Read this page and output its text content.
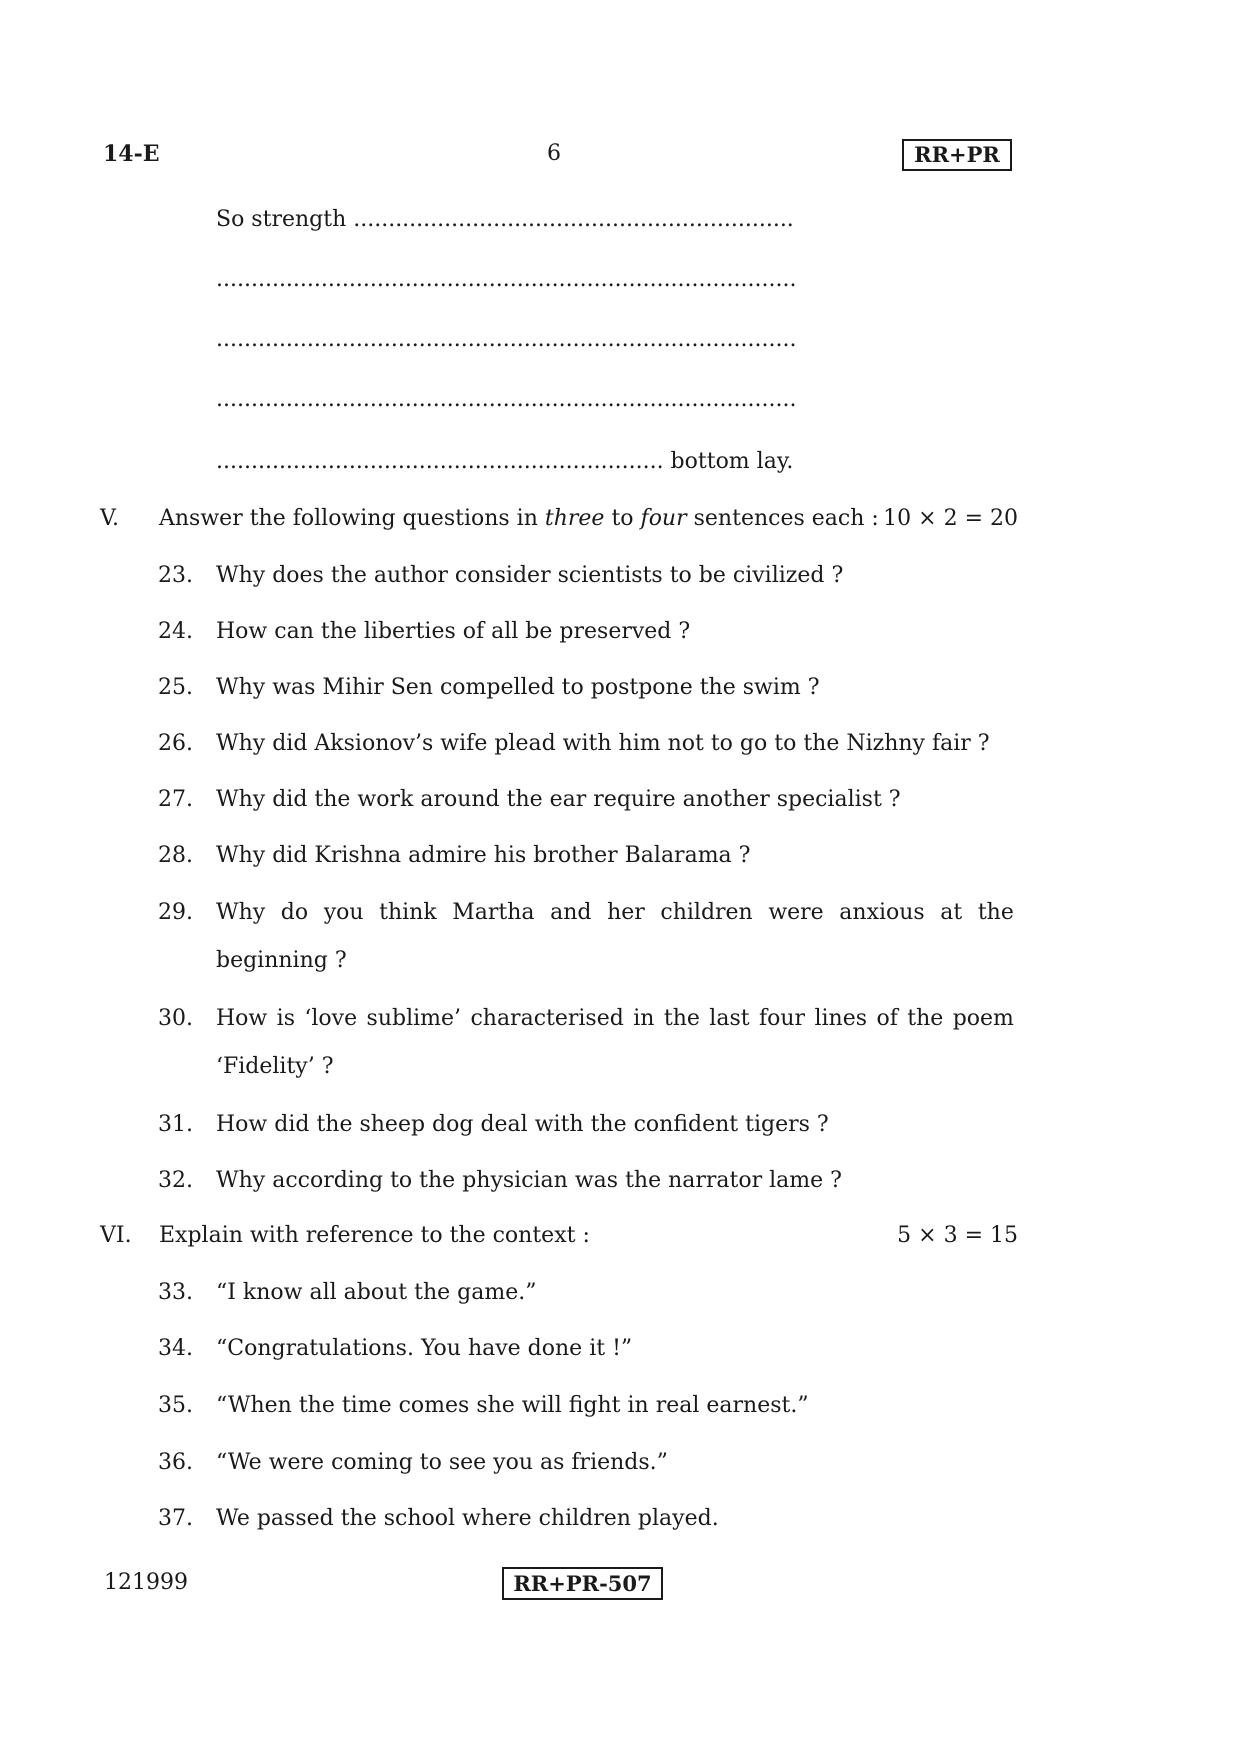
14-E	6	RR+PR
So strength ...............................................................
...................................................................................
...................................................................................
...................................................................................
................................................................ bottom lay.
V. Answer the following questions in three to four sentences each : 10 × 2 = 20
23. Why does the author consider scientists to be civilized ?
24. How can the liberties of all be preserved ?
25. Why was Mihir Sen compelled to postpone the swim ?
26. Why did Aksionov’s wife plead with him not to go to the Nizhny fair ?
27. Why did the work around the ear require another specialist ?
28. Why did Krishna admire his brother Balarama ?
29. Why do you think Martha and her children were anxious at the
beginning ?
30. How is ‘love sublime’ characterised in the last four lines of the poem
‘Fidelity’ ?
31. How did the sheep dog deal with the confident tigers ?
32. Why according to the physician was the narrator lame ?
VI. Explain with reference to the context :	5 × 3 = 15
33. “I know all about the game.”
34. “Congratulations. You have done it !”
35. “When the time comes she will fight in real earnest.”
36. “We were coming to see you as friends.”
37. We passed the school where children played.
121999	RR+PR-507
